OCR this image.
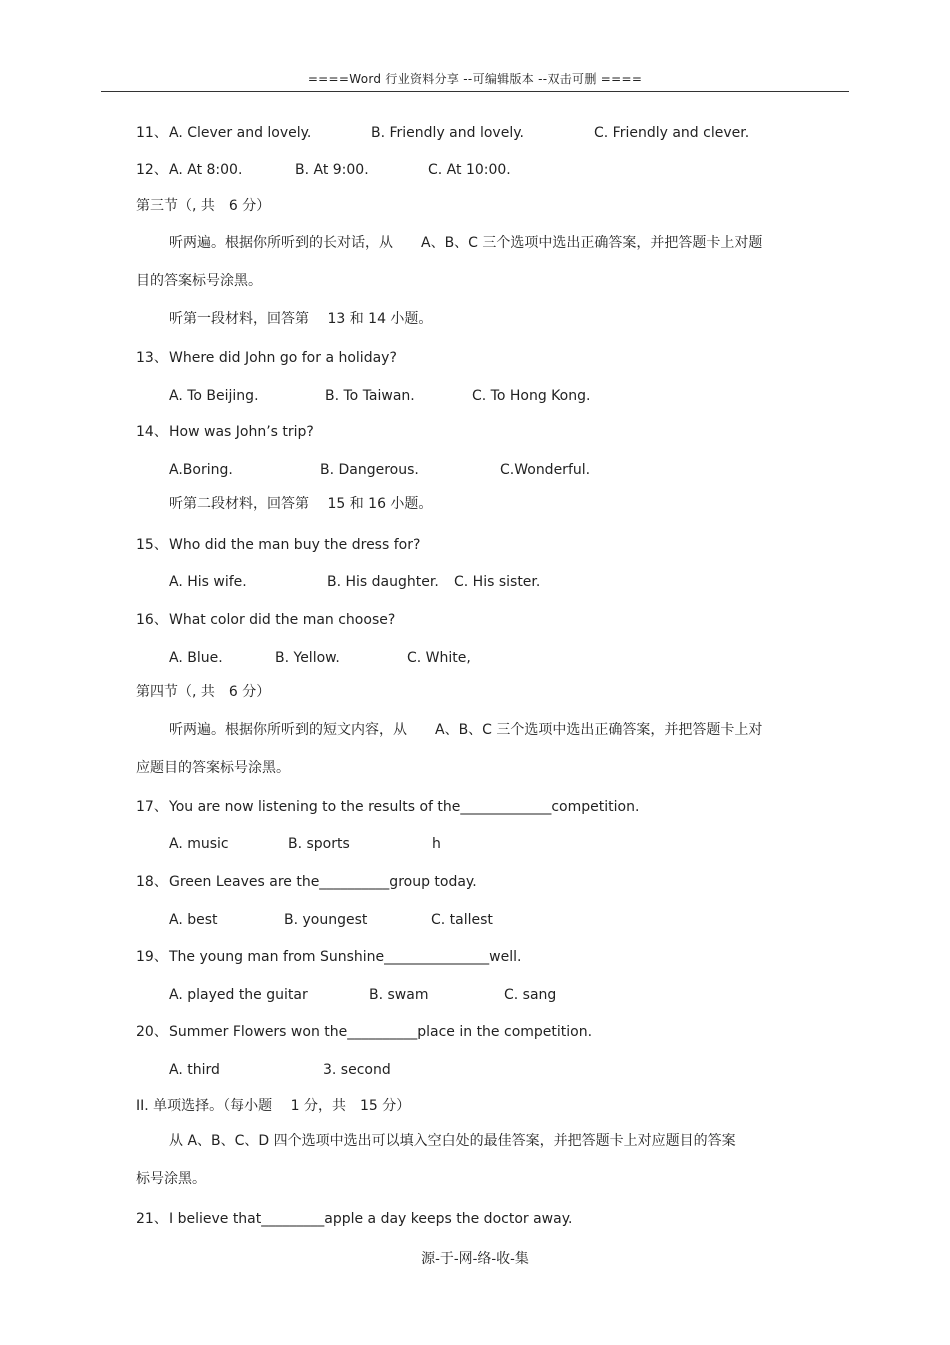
====Word 行业资料分享 --可编辑版本 --双击可删 ====
11、 A. Clever and lovely.	B. Friendly and lovely.	C. Friendly and clever.
12、 A. At 8:00.	B. At 9:00.	C. At 10:00.
第三节（, 共　6 分）
听两遍。根据你所听到的长对话，从　　A、B、C 三个选项中选出正确答案，并把答题卡上对题
目的答案标号涂黑。
听第一段材料，回答第　 13 和 14 小题。
13、 Where did John go for a holiday?
A. To Beijing.	B. To Taiwan.	C. To Hong Kong.
14、 How was John’s trip?
A.Boring.	B. Dangerous.	C.Wonderful.
听第二段材料，回答第　 15 和 16 小题。
15、 Who did the man buy the dress for?
A. His wife.	B. His daughter. C. His sister.
16、 What color did the man choose?
A. Blue.	B. Yellow.	C. White,
第四节（, 共　6 分）
听两遍。根据你所听到的短文内容，从　　A、B、C 三个选项中选出正确答案，并把答题卡上对
应题目的答案标号涂黑。
17、 You are now listening to the results of the_____________competition.
A. music	B. sports	h
18、 Green Leaves are the__________group today.
A. best	B. youngest	C. tallest
19、 The young man from Sunshine_______________well.
A. played the guitar	B. swam	C. sang
20、 Summer Flowers won the__________place in the competition.
A. third	3. second
II. 单项选择。（每小题　 1 分，共　15 分）
从 A、B、C、D 四个选项中选出可以填入空白处的最佳答案，并把答题卡上对应题目的答案
标号涂黑。
21、 I believe that_________apple a day keeps the doctor away.
源-于-网-络-收-集
